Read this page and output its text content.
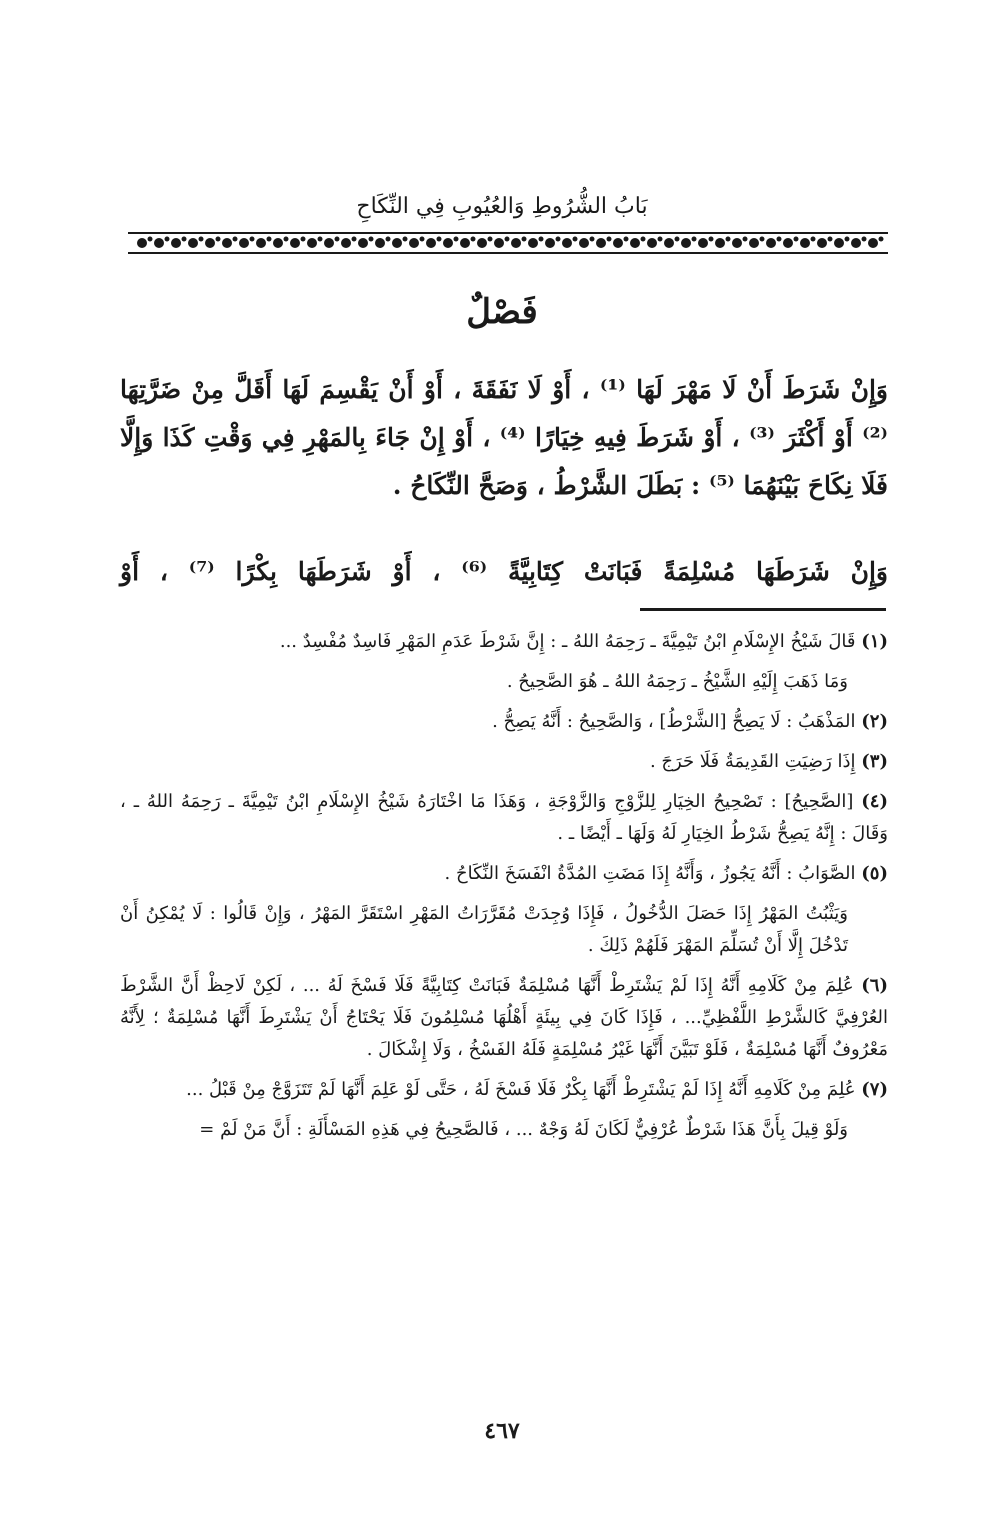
بَابُ الشُّرُوطِ وَالعُيُوبِ فِي النِّكَاحِ
فَصْلٌ
وَإِنْ شَرَطَ أَنْ لَا مَهْرَ لَهَا ⁽¹⁾ ، أَوْ لَا نَفَقَةَ ، أَوْ أَنْ يَقْسِمَ لَهَا أَقَلَّ مِنْ ضَرَّتِهَا ⁽²⁾ أَوْ أَكْثَرَ ⁽³⁾ ، أَوْ شَرَطَ فِيهِ خِيَارًا ⁽⁴⁾ ، أَوْ إِنْ جَاءَ بِالمَهْرِ فِي وَقْتِ كَذَا وَإِلَّا فَلَا نِكَاحَ بَيْنَهُمَا ⁽⁵⁾ : بَطَلَ الشَّرْطُ ، وَصَحَّ النِّكَاحُ .
وَإِنْ شَرَطَهَا مُسْلِمَةً فَبَانَتْ كِتَابِيَّةً ⁽⁶⁾ ، أَوْ شَرَطَهَا بِكْرًا ⁽⁷⁾ ، أَوْ

(١) قَالَ شَيْخُ الإِسْلَامِ ابْنُ تَيْمِيَّةَ ـ رَحِمَهُ اللهُ ـ : إِنَّ شَرْطَ عَدَمِ المَهْرِ فَاسِدٌ مُفْسِدٌ ...

وَمَا ذَهَبَ إِلَيْهِ الشَّيْخُ ـ رَحِمَهُ اللهُ ـ هُوَ الصَّحِيحُ .

(٢) المَذْهَبُ : لَا يَصِحُّ [الشَّرْطُ] ، وَالصَّحِيحُ : أَنَّهُ يَصِحُّ .

(٣) إِذَا رَضِيَتِ القَدِيمَةُ فَلَا حَرَجَ .

(٤) [الصَّحِيحُ] : تَصْحِيحُ الخِيَارِ لِلزَّوْجِ وَالزَّوْجَةِ ، وَهَذَا مَا اخْتَارَهُ شَيْخُ الإِسْلَامِ ابْنُ تَيْمِيَّةَ ـ رَحِمَهُ اللهُ ـ ، وَقَالَ : إِنَّهُ يَصِحُّ شَرْطُ الخِيَارِ لَهُ وَلَهَا ـ أَيْضًا ـ .

(٥) الصَّوَابُ : أَنَّهُ يَجُوزُ ، وَأَنَّهُ إِذَا مَضَتِ المُدَّةُ انْفَسَخَ النِّكَاحُ .

وَيَثْبُتُ المَهْرُ إِذَا حَصَلَ الدُّخُولُ ، فَإِذَا وُجِدَتْ مُقَرَّرَاتُ المَهْرِ اسْتَقَرَّ المَهْرُ ، وَإِنْ قَالُوا : لَا يُمْكِنُ أَنْ تَدْخُلَ إِلَّا أَنْ تُسَلِّمَ المَهْرَ فَلَهُمْ ذَلِكَ .

(٦) عُلِمَ مِنْ كَلَامِهِ أَنَّهُ إِذَا لَمْ يَشْتَرِطْ أَنَّهَا مُسْلِمَةٌ فَبَانَتْ كِتَابِيَّةً فَلَا فَسْخَ لَهُ ... ، لَكِنْ لَاحِظْ أَنَّ الشَّرْطَ العُرْفِيَّ كَالشَّرْطِ اللَّفْظِيِّ... ، فَإِذَا كَانَ فِي بِيئَةٍ أَهْلُهَا مُسْلِمُونَ فَلَا يَحْتَاجُ أَنْ يَشْتَرِطَ أَنَّهَا مُسْلِمَةٌ ؛ لِأَنَّهُ مَعْرُوفٌ أَنَّهَا مُسْلِمَةٌ ، فَلَوْ تَبَيَّنَ أَنَّهَا غَيْرُ مُسْلِمَةٍ فَلَهُ الفَسْخُ ، وَلَا إِشْكَالَ .

(٧) عُلِمَ مِنْ كَلَامِهِ أَنَّهُ إِذَا لَمْ يَشْتَرِطْ أَنَّهَا بِكْرٌ فَلَا فَسْخَ لَهُ ، حَتَّى لَوْ عَلِمَ أَنَّهَا لَمْ تَتَزَوَّجْ مِنْ قَبْلُ ...

وَلَوْ قِيلَ بِأَنَّ هَذَا شَرْطٌ عُرْفِيٌّ لَكَانَ لَهُ وَجْهٌ ... ، فَالصَّحِيحُ فِي هَذِهِ المَسْأَلَةِ : أَنَّ مَنْ لَمْ =

٤٦٧
